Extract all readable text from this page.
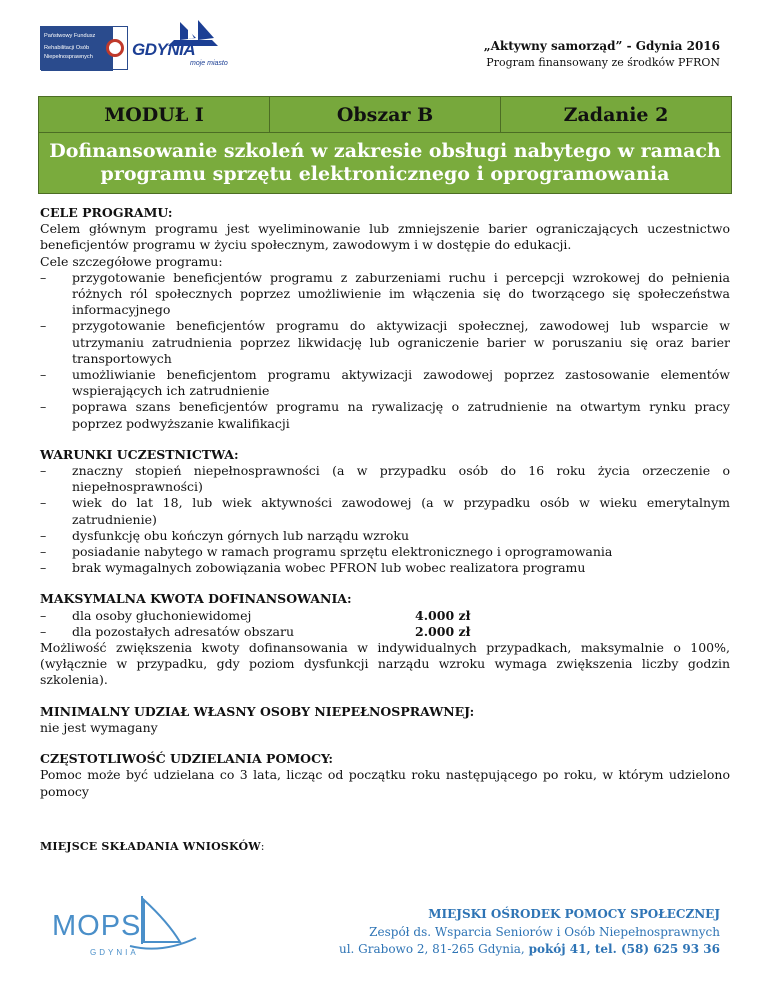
Państwowy Fundusz
Rehabilitacji Osób
Niepełnosprawnych GDYNIA
moje miasto
„Aktywny samorząd” - Gdynia 2016
Program finansowany ze środków PFRON
MODUŁ I	Obszar B	Zadanie 2
Dofinansowanie szkoleń w zakresie obsługi nabytego w ramach
programu sprzętu elektronicznego i oprogramowania
CELE PROGRAMU:
Celem głównym programu jest wyeliminowanie lub zmniejszenie barier ograniczających uczestnictwo beneficjentów programu w życiu społecznym, zawodowym i w dostępie do edukacji.
Cele szczegółowe programu:
– przygotowanie beneficjentów programu z zaburzeniami ruchu i percepcji wzrokowej do pełnienia różnych ról społecznych poprzez umożliwienie im włączenia się do tworzącego się społeczeństwa informacyjnego
– przygotowanie beneficjentów programu do aktywizacji społecznej, zawodowej lub wsparcie w utrzymaniu zatrudnienia poprzez likwidację lub ograniczenie barier w poruszaniu się oraz barier transportowych
– umożliwianie beneficjentom programu aktywizacji zawodowej poprzez zastosowanie elementów wspierających ich zatrudnienie
– poprawa szans beneficjentów programu na rywalizację o zatrudnienie na otwartym rynku pracy poprzez podwyższanie kwalifikacji
WARUNKI UCZESTNICTWA:
– znaczny stopień niepełnosprawności (a w przypadku osób do 16 roku życia orzeczenie o niepełnosprawności)
– wiek do lat 18, lub wiek aktywności zawodowej (a w przypadku osób w wieku emerytalnym zatrudnienie)
– dysfunkcję obu kończyn górnych lub narządu wzroku
– posiadanie nabytego w ramach programu sprzętu elektronicznego i oprogramowania
– brak wymagalnych zobowiązania wobec PFRON lub wobec realizatora programu
MAKSYMALNA KWOTA DOFINANSOWANIA:
– dla osoby głuchoniewidomej	4.000 zł
– dla pozostałych adresatów obszaru	2.000 zł
Możliwość zwiększenia kwoty dofinansowania w indywidualnych przypadkach, maksymalnie o 100%, (wyłącznie w przypadku, gdy poziom dysfunkcji narządu wzroku wymaga zwiększenia liczby godzin szkolenia).
MINIMALNY UDZIAŁ WŁASNY OSOBY NIEPEŁNOSPRAWNEJ:
nie jest wymagany
CZĘSTOTLIWOŚĆ UDZIELANIA POMOCY:
Pomoc może być udzielana co 3 lata, licząc od początku roku następującego po roku, w którym udzielono pomocy
MIEJSCE SKŁADANIA WNIOSKÓW:
MOPS
GDYNIA
MIEJSKI OŚRODEK POMOCY SPOŁECZNEJ
Zespół ds. Wsparcia Seniorów i Osób Niepełnosprawnych
ul. Grabowo 2, 81-265 Gdynia, pokój 41, tel. (58) 625 93 36
